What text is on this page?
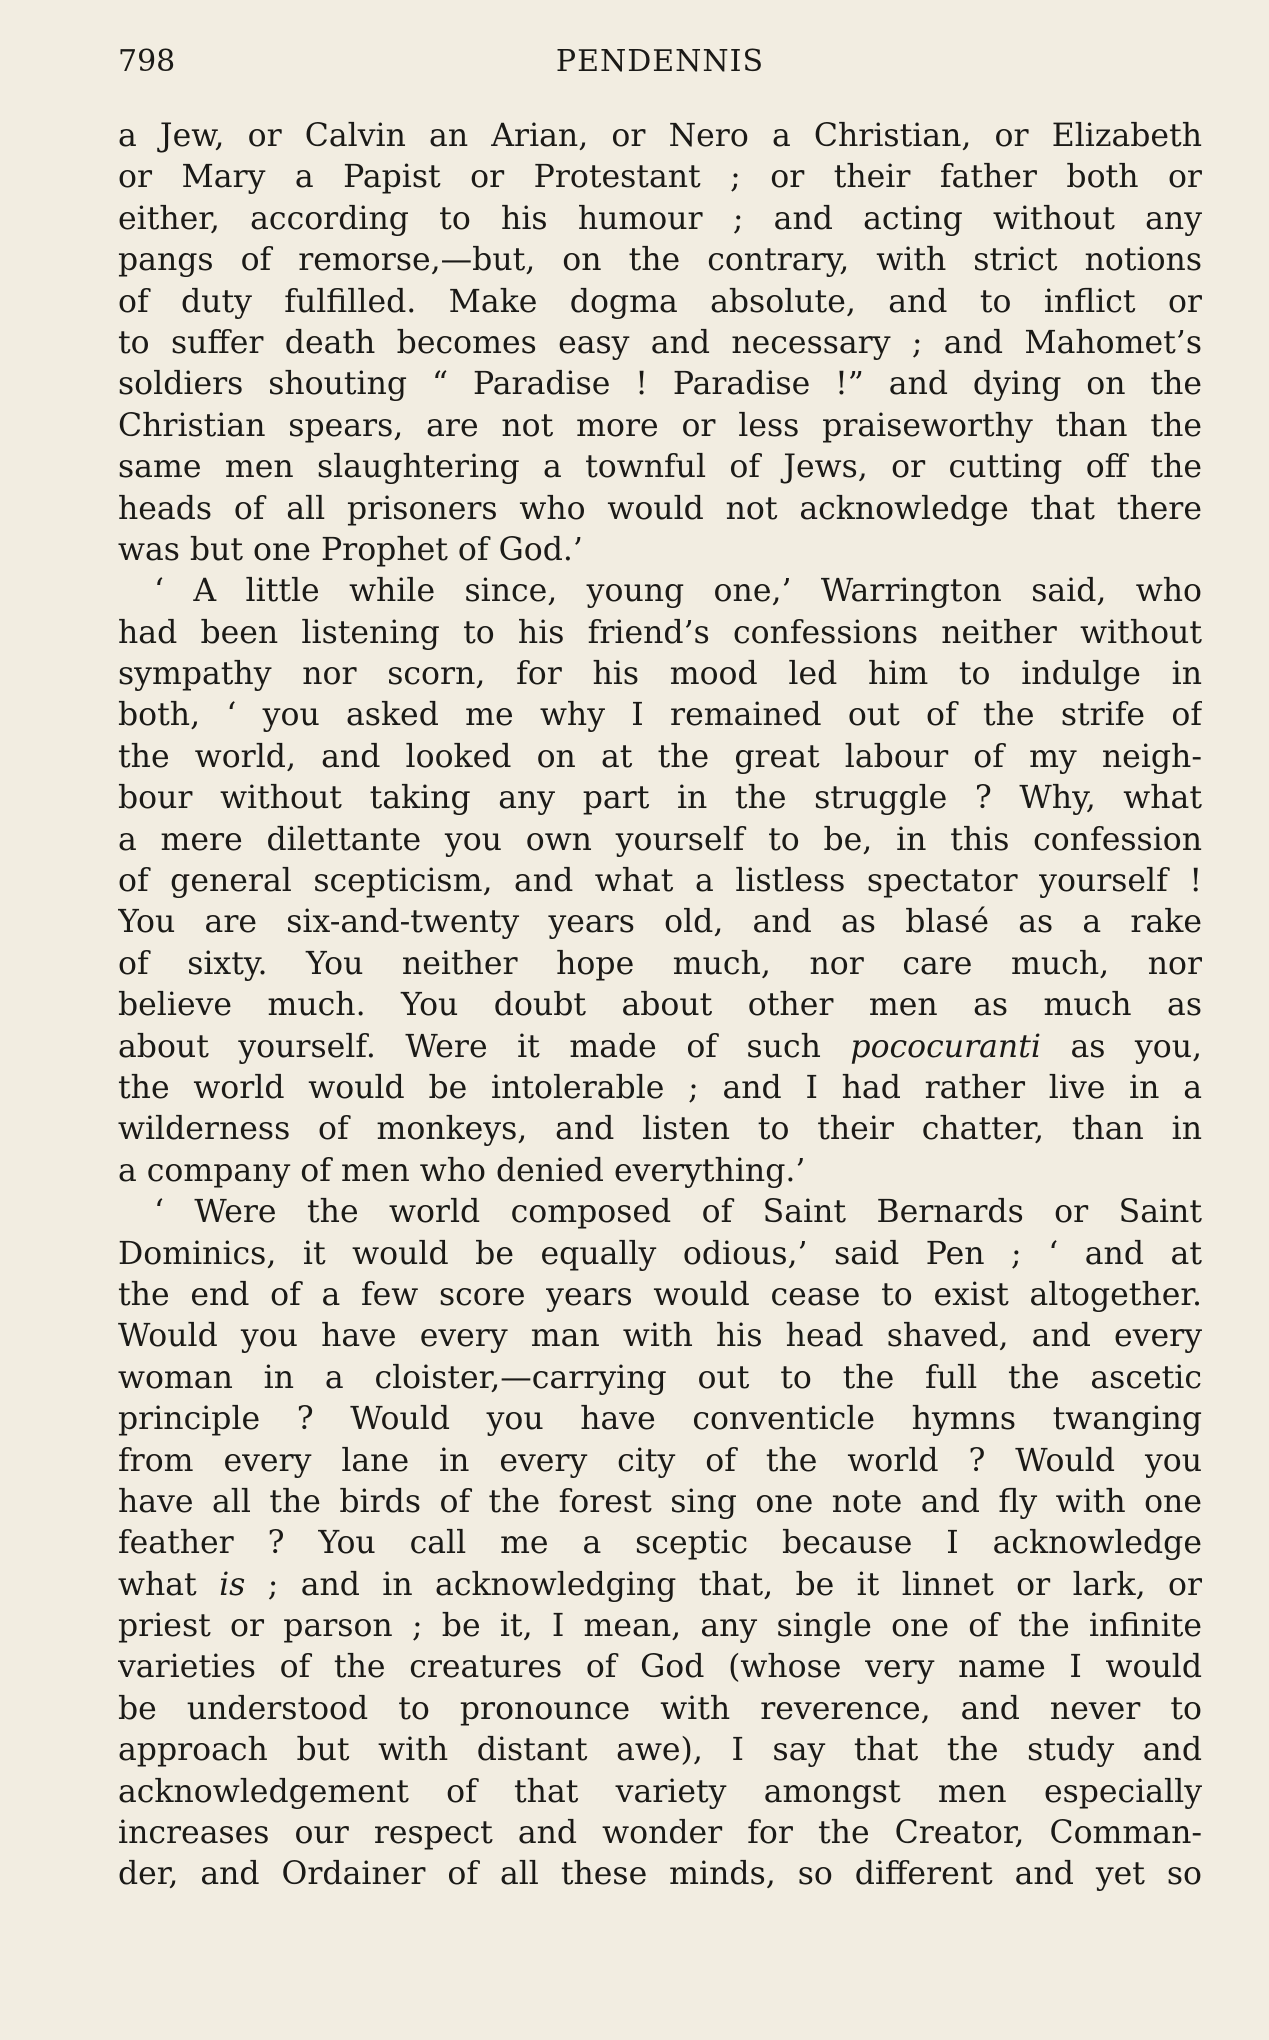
798	PENDENNIS
a Jew, or Calvin an Arian, or Nero a Christian, or Elizabeth
or Mary a Papist or Protestant ; or their father both or
either, according to his humour ; and acting without any
pangs of remorse,—but, on the contrary, with strict notions
of duty fulfilled. Make dogma absolute, and to inflict or
to suffer death becomes easy and necessary ; and Mahomet’s
soldiers shouting “ Paradise ! Paradise !” and dying on the
Christian spears, are not more or less praiseworthy than the
same men slaughtering a townful of Jews, or cutting off the
heads of all prisoners who would not acknowledge that there
was but one Prophet of God.’
‘ A little while since, young one,’ Warrington said, who
had been listening to his friend’s confessions neither without
sympathy nor scorn, for his mood led him to indulge in
both, ‘ you asked me why I remained out of the strife of
the world, and looked on at the great labour of my neigh-
bour without taking any part in the struggle ? Why, what
a mere dilettante you own yourself to be, in this confession
of general scepticism, and what a listless spectator yourself !
You are six-and-twenty years old, and as blasé as a rake
of sixty. You neither hope much, nor care much, nor
believe much. You doubt about other men as much as
about yourself. Were it made of such pococuranti as you,
the world would be intolerable ; and I had rather live in a
wilderness of monkeys, and listen to their chatter, than in
a company of men who denied everything.’
‘ Were the world composed of Saint Bernards or Saint
Dominics, it would be equally odious,’ said Pen ; ‘ and at
the end of a few score years would cease to exist altogether.
Would you have every man with his head shaved, and every
woman in a cloister,—carrying out to the full the ascetic
principle ? Would you have conventicle hymns twanging
from every lane in every city of the world ? Would you
have all the birds of the forest sing one note and fly with one
feather ? You call me a sceptic because I acknowledge
what is ; and in acknowledging that, be it linnet or lark, or
priest or parson ; be it, I mean, any single one of the infinite
varieties of the creatures of God (whose very name I would
be understood to pronounce with reverence, and never to
approach but with distant awe), I say that the study and
acknowledgement of that variety amongst men especially
increases our respect and wonder for the Creator, Comman-
der, and Ordainer of all these minds, so different and yet so
